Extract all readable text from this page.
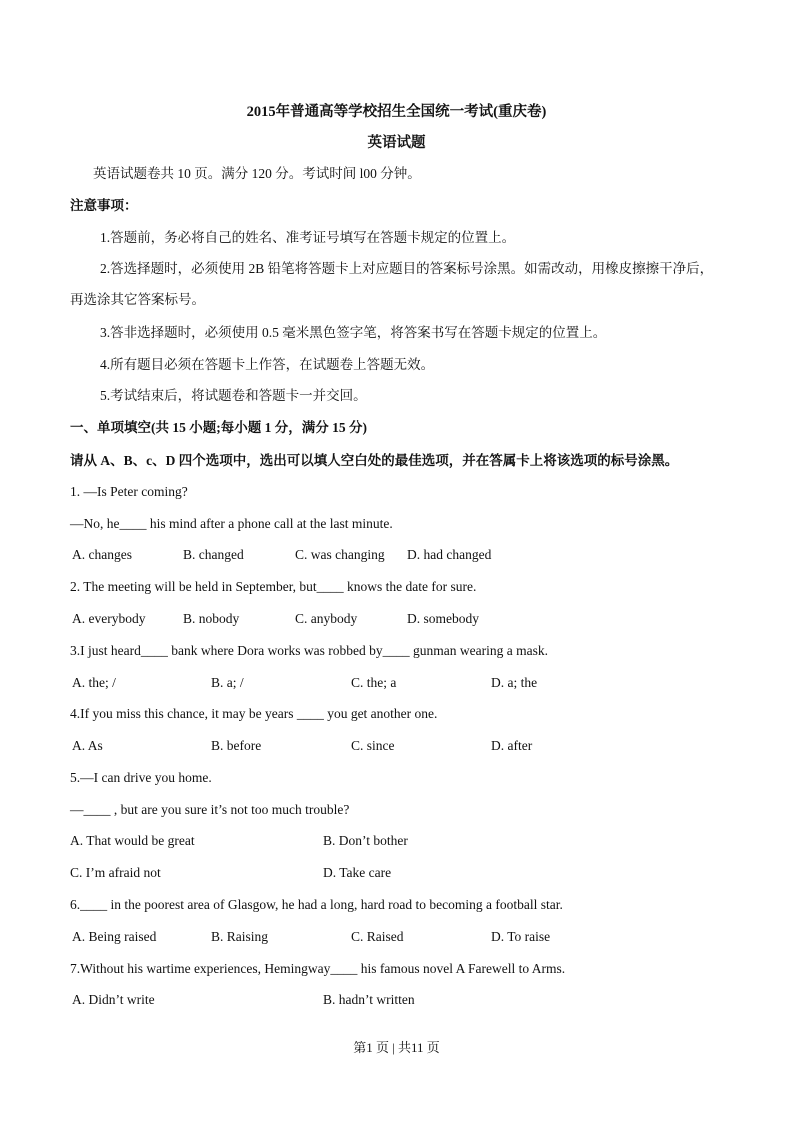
2015年普通高等学校招生全国统一考试(重庆卷)
英语试题
英语试题卷共 10 页。满分 120 分。考试时间 l00 分钟。
注意事项：
1.答题前，务必将自己的姓名、准考证号填写在答题卡规定的位置上。
2.答选择题时，必须使用 2B 铅笔将答题卡上对应题目的答案标号涂黑。如需改动，用橡皮擦擦干净后，
再选涂其它答案标号。
3.答非选择题时，必须使用 0.5 毫米黑色签字笔，将答案书写在答题卡规定的位置上。
4.所有题目必须在答题卡上作答，在试题卷上答题无效。
5.考试结束后，将试题卷和答题卡一并交回。
一、单项填空(共 15 小题;每小题 1 分，满分 15 分)
请从 A、B、c、D 四个选项中，选出可以填人空白处的最佳选项，并在答属卡上将该选项的标号涂黑。
1. —Is Peter coming?
—No, he____ his mind after a phone call at the last minute.
A. changes	B. changed	C. was changing D. had changed
2. The meeting will be held in September, but____ knows the date for sure.
A. everybody	B. nobody	C. anybody	D. somebody
3.I just heard____ bank where Dora works was robbed by____ gunman wearing a mask.
A. the; /	B. a; /	C. the; a	D. a; the
4.If you miss this chance, it may be years ____ you get another one.
A. As	B. before	C. since	D. after
5.—I can drive you home.
—____ , but are you sure it’s not too much trouble?
A. That would be great	B. Don’t bother
C. I’m afraid not	D. Take care
6.____ in the poorest area of Glasgow, he had a long, hard road to becoming a football star.
A. Being raised	B. Raising	C. Raised	D. To raise
7.Without his wartime experiences, Hemingway____ his famous novel A Farewell to Arms.
A. Didn’t write	B. hadn’t written
第1 页 | 共11 页
